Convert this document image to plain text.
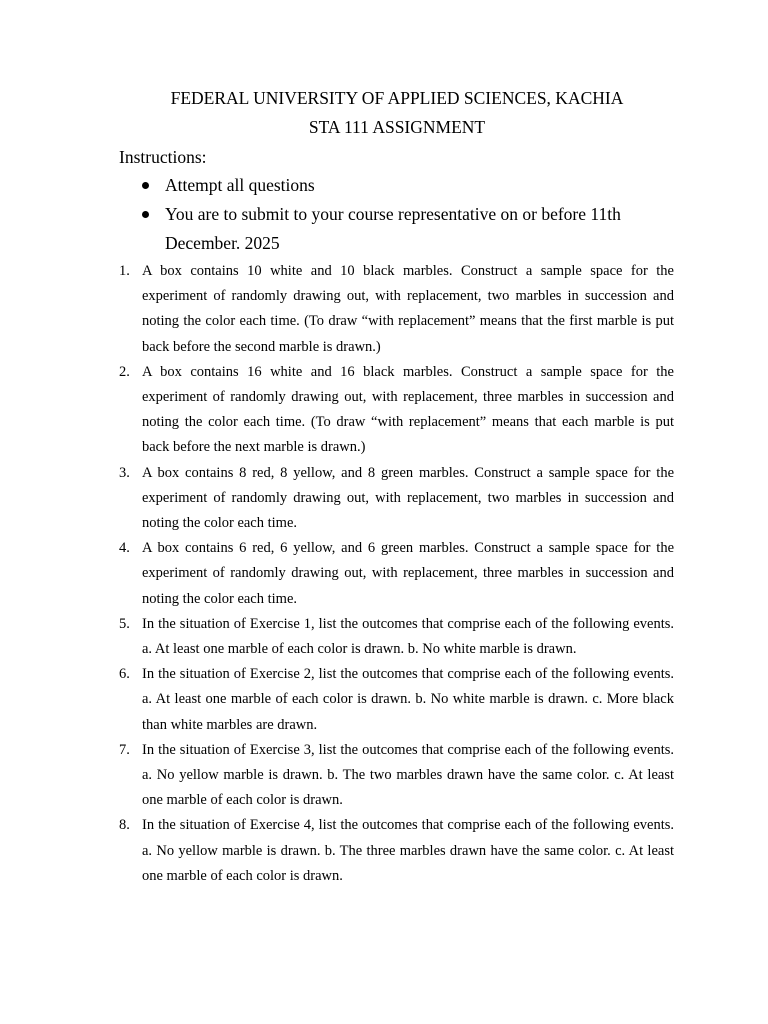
FEDERAL UNIVERSITY OF APPLIED SCIENCES, KACHIA
STA 111 ASSIGNMENT
Instructions:
Attempt all questions
You are to submit to your course representative on or before 11th December. 2025
1. A box contains 10 white and 10 black marbles. Construct a sample space for the experiment of randomly drawing out, with replacement, two marbles in succession and noting the color each time. (To draw “with replacement” means that the first marble is put back before the second marble is drawn.)
2. A box contains 16 white and 16 black marbles. Construct a sample space for the experiment of randomly drawing out, with replacement, three marbles in succession and noting the color each time. (To draw “with replacement” means that each marble is put back before the next marble is drawn.)
3. A box contains 8 red, 8 yellow, and 8 green marbles. Construct a sample space for the experiment of randomly drawing out, with replacement, two marbles in succession and noting the color each time.
4. A box contains 6 red, 6 yellow, and 6 green marbles. Construct a sample space for the experiment of randomly drawing out, with replacement, three marbles in succession and noting the color each time.
5. In the situation of Exercise 1, list the outcomes that comprise each of the following events. a. At least one marble of each color is drawn. b. No white marble is drawn.
6. In the situation of Exercise 2, list the outcomes that comprise each of the following events. a. At least one marble of each color is drawn. b. No white marble is drawn. c. More black than white marbles are drawn.
7. In the situation of Exercise 3, list the outcomes that comprise each of the following events. a. No yellow marble is drawn. b. The two marbles drawn have the same color. c. At least one marble of each color is drawn.
8. In the situation of Exercise 4, list the outcomes that comprise each of the following events. a. No yellow marble is drawn. b. The three marbles drawn have the same color. c. At least one marble of each color is drawn.
